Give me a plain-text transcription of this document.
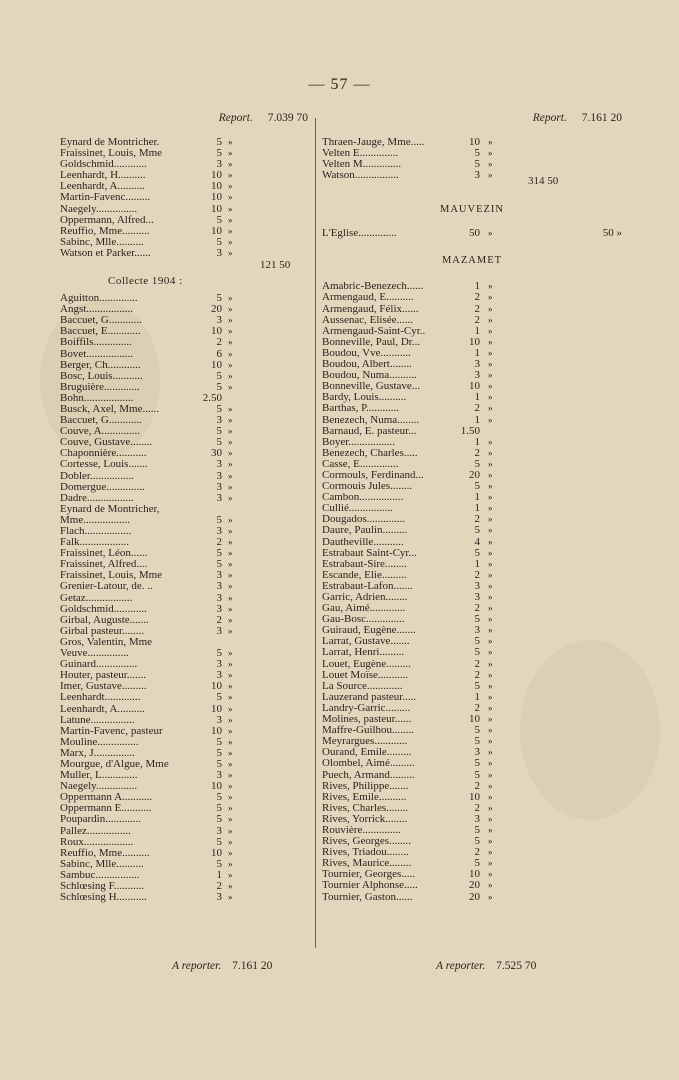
— 57 —
Report. 7.039 70
Eynard de Montricher.	5 »
Fraissinet, Louis, Mme	5 »
Goldschmid............	3 »
Leenhardt, H..........	10 »
Leenhardt, A..........	10 »
Martin-Favenc.........	10 »
Naegely...............	10 »
Oppermann, Alfred...	5 »
Reuffio, Mme..........	10 »
Sabinc, Mlle..........	5 »
Watson et Parker......	3 »
121 50
Collecte 1904 :
Aguitton..............	5 »
Angst.................	20 »
Baccuet, G............	3 »
Baccuet, E............	10 »
Boiffils..............	2 »
Bovet.................	6 »
Berger, Ch............	10 »
Bosc, Louis...........	5 »
Bruguière.............	5 »
Bohn..................	2.50
Busck, Axel, Mme......	5 »
Baccuet, G............	3 »
Couve, A..............	5 »
Couve, Gustave........	5 »
Chaponnière...........	30 »
Cortesse, Louis.......	3 »
Dobler................	3 »
Domergue..............	3 »
Dadre.................	3 »
Eynard de Montricher,
Mme.................	5 »
Flach.................	3 »
Falk..................	2 »
Fraissinet, Léon......	5 »
Fraissinet, Alfred....	5 »
Fraissinet, Louis, Mme	3 »
Grenier-Latour, de. ..	3 »
Getaz.................	3 »
Goldschmid............	3 »
Girbal, Auguste.......	2 »
Girbal pasteur........	3 »
Gros, Valentin, Mme
Veuve...............	5 »
Guinard...............	3 »
Houter, pasteur.......	3 »
Imer, Gustave.........	10 »
Leenhardt.............	5 »
Leenhardt, A..........	10 »
Latune................	3 »
Martin-Favenc, pasteur	10 »
Mouline...............	5 »
Marx, J...............	5 »
Mourgue, d'Algue, Mme	5 »
Muller, L.............	3 »
Naegely...............	10 »
Oppermann A...........	5 »
Oppermann E...........	5 »
Poupardin.............	5 »
Pallez................	3 »
Roux..................	5 »
Reuffio, Mme..........	10 »
Sabinc, Mlle..........	5 »
Sambuc................	1 »
Schlœsing F...........	2 »
Schlœsing H...........	3 »
Report. 7.161 20
Thraen-Jauge, Mme.....	10 »
Velten E..............	5 »
Velten M..............	5 »
Watson................	3 »
314 50
MAUVEZIN
L'Eglise..............	50 »	50 »
MAZAMET
Amabric-Benezech......	1 »
Armengaud, E..........	2 »
Armengaud, Félix......	2 »
Aussenac, Elisée......	2 »
Armengaud-Saint-Cyr..	1 »
Bonneville, Paul, Dr...	10 »
Boudou, Vve...........	1 »
Boudou, Albert........	3 »
Boudou, Numa..........	3 »
Bonneville, Gustave...	10 »
Bardy, Louis..........	1 »
Barthas, P............	2 »
Benezech, Numa........	1 »
Barnaud, E. pasteur...	1.50
Boyer.................	1 »
Benezech, Charles.....	2 »
Casse, E..............	5 »
Cormouls, Ferdinand...	20 »
Cormouis Jules........	5 »
Cambon................	1 »
Cullié................	1 »
Dougados..............	2 »
Daure, Paulin.........	5 »
Dautheville...........	4 »
Estrabaut Saint-Cyr...	5 »
Estrabaut-Sire........	1 »
Escande, Elie.........	2 »
Estrabaut-Lafon.......	3 »
Garric, Adrien........	3 »
Gau, Aimé.............	2 »
Gau-Bosc..............	5 »
Guiraud, Eugène.......	3 »
Larrat, Gustave.......	5 »
Larrat, Henri.........	5 »
Louet, Eugène.........	2 »
Louet Moïse...........	2 »
La Source.............	5 »
Lauzerand pasteur.....	1 »
Landry-Garric.........	2 »
Molines, pasteur......	10 »
Maffre-Guilhou........	5 »
Meyrargues............	5 »
Ourand, Emile.........	3 »
Olombel, Aimé.........	5 »
Puech, Armand.........	5 »
Rives, Philippe.......	2 »
Rives, Emile..........	10 »
Rives, Charles........	2 »
Rives, Yorrick........	3 »
Rouvière..............	5 »
Rives, Georges........	5 »
Rives, Triadou........	2 »
Rives, Maurice........	5 »
Tournier, Georges.....	10 »
Tournier Alphonse.....	20 »
Tournier, Gaston......	20 »
A reporter. 7.161 20	A reporter. 7.525 70
